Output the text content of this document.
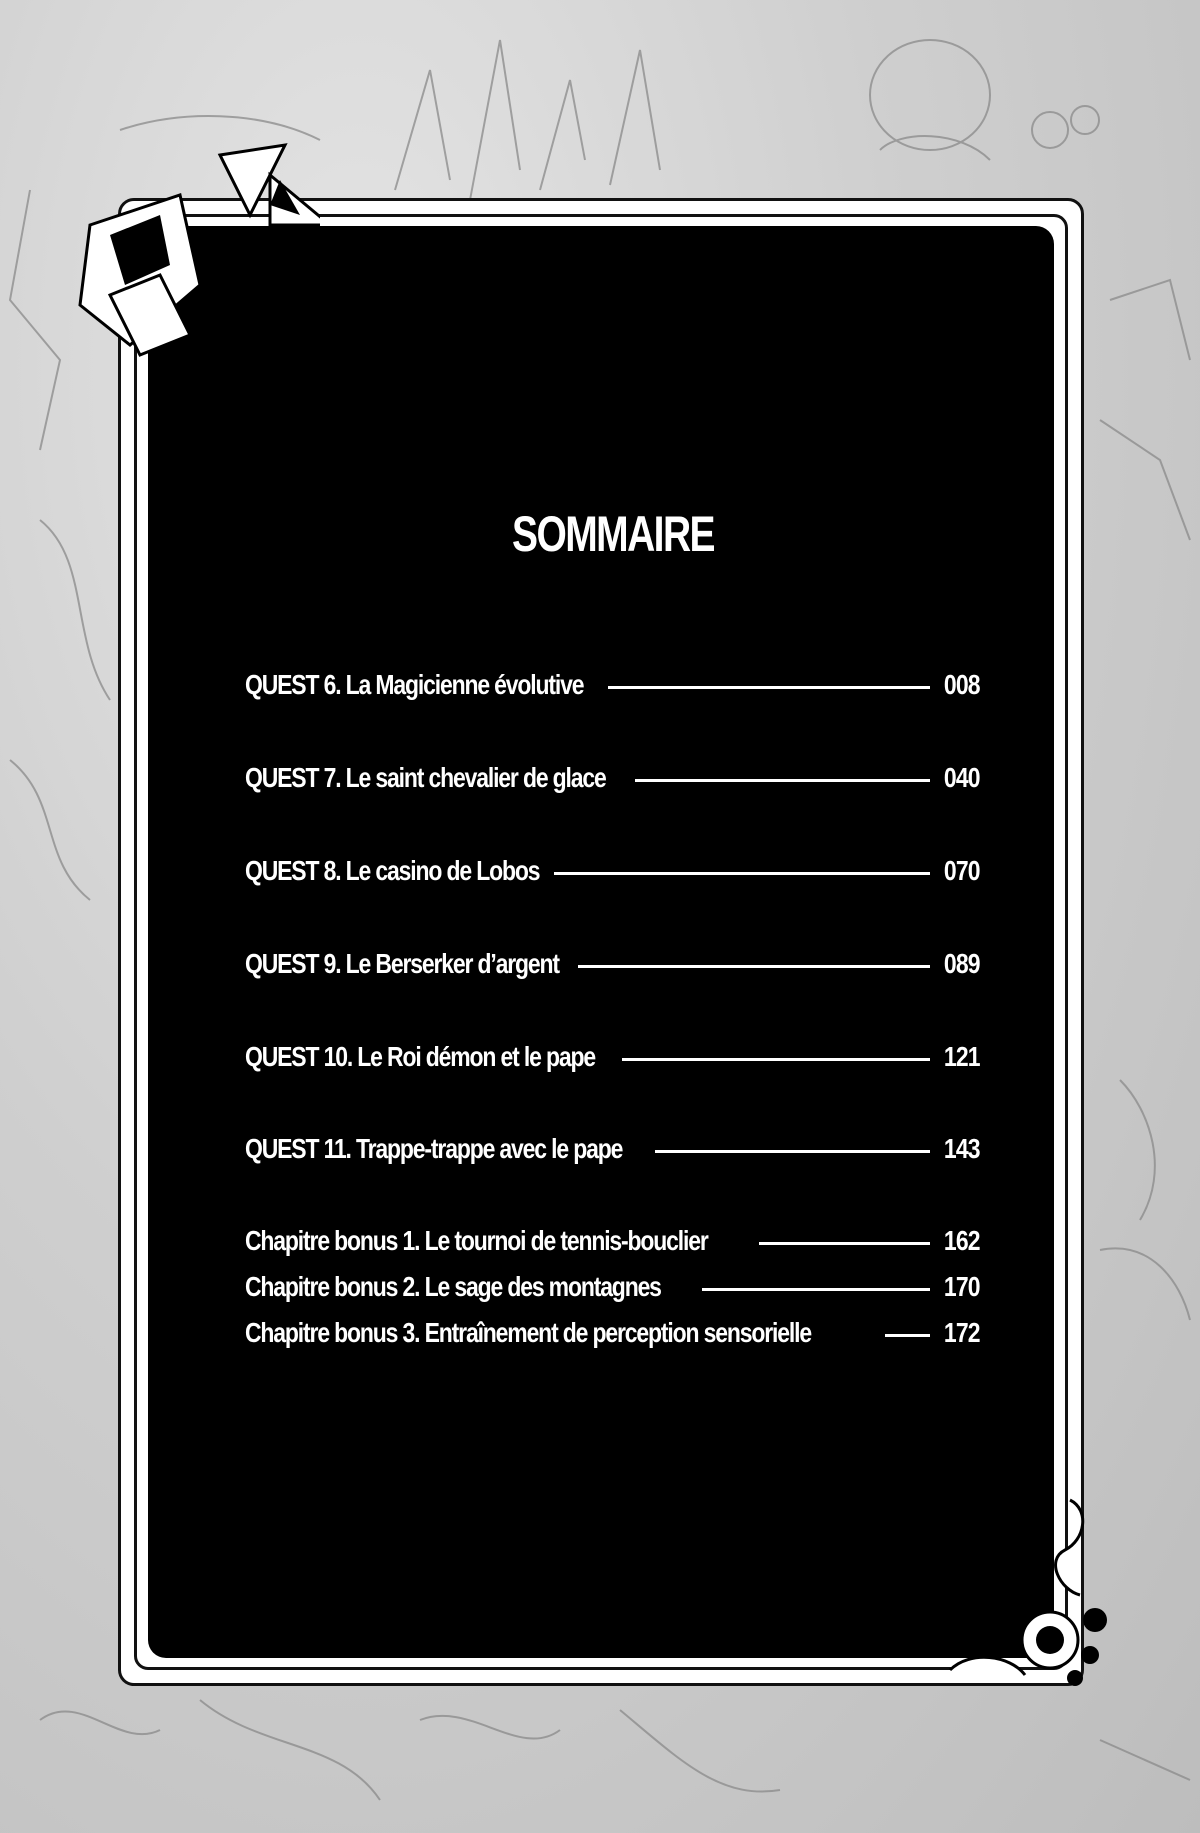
SOMMAIRE
QUEST 6. La Magicienne évolutive	008
QUEST 7. Le saint chevalier de glace	040
QUEST 8. Le casino de Lobos	070
QUEST 9. Le Berserker d’argent	089
QUEST 10. Le Roi démon et le pape	121
QUEST 11. Trappe-trappe avec le pape	143
Chapitre bonus 1. Le tournoi de tennis-bouclier	162
Chapitre bonus 2. Le sage des montagnes	170
Chapitre bonus 3. Entraînement de perception sensorielle	172
